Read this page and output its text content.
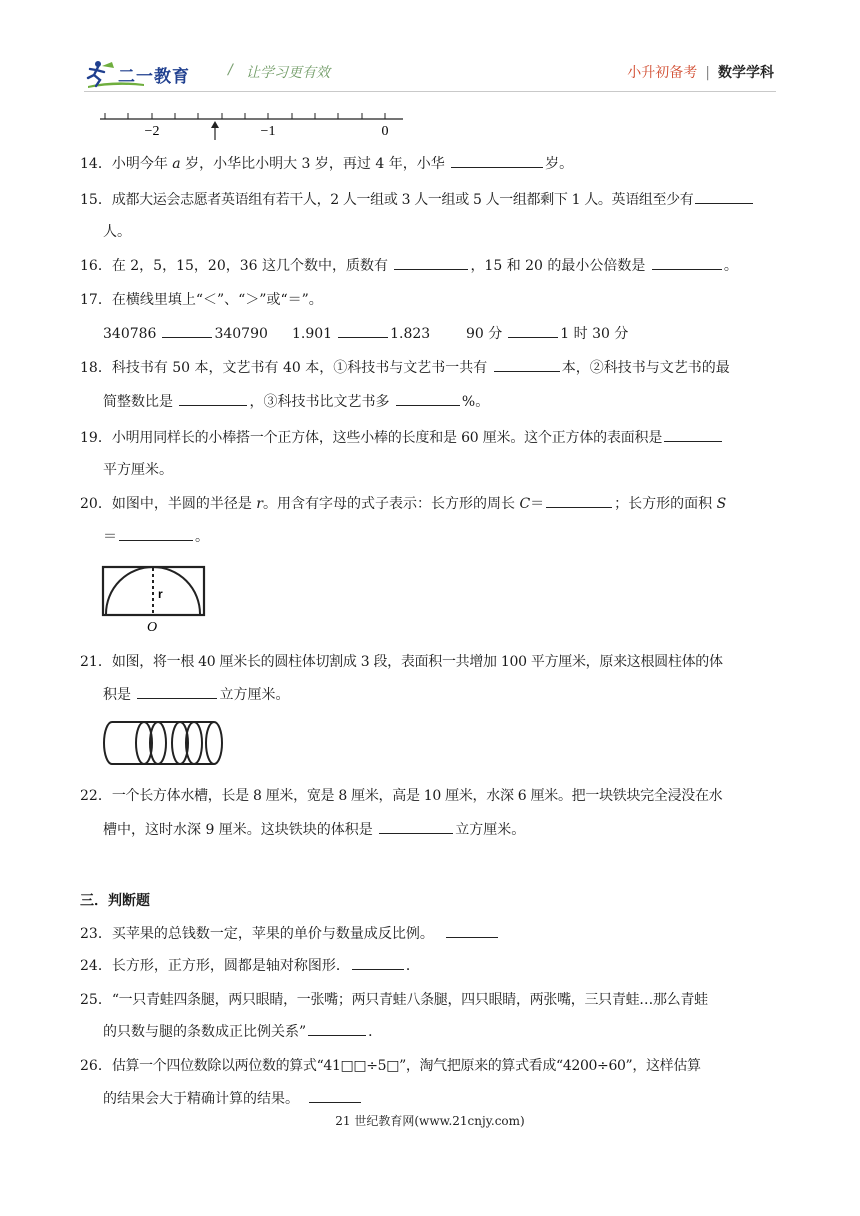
二一教育	/ 让学习更有效	小升初备考 | 数学学科
−2	−1	0
14．小明今年 a 岁，小华比小明大 3 岁，再过 4 年，小华	岁。
15．成都大运会志愿者英语组有若干人，2 人一组或 3 人一组或 5 人一组都剩下 1 人。英语组至少有
人。
16．在 2，5，15，20，36 这几个数中，质数有	，15 和 20 的最小公倍数是	。
17．在横线里填上“＜”、“＞”或“＝”。
340786	340790 1.901	1.823	90 分	1 时 30 分
18．科技书有 50 本，文艺书有 40 本，①科技书与文艺书一共有	本，②科技书与文艺书的最
简整数比是	，③科技书比文艺书多	%。
19．小明用同样长的小棒搭一个正方体，这些小棒的长度和是 60 厘米。这个正方体的表面积是
平方厘米。
20．如图中，半圆的半径是 r。用含有字母的式子表示：长方形的周长 C＝	；长方形的面积 S
＝	。
r
O
21．如图，将一根 40 厘米长的圆柱体切割成 3 段，表面积一共增加 100 平方厘米，原来这根圆柱体的体
积是	立方厘米。
22．一个长方体水槽，长是 8 厘米，宽是 8 厘米，高是 10 厘米，水深 6 厘米。把一块铁块完全浸没在水
槽中，这时水深 9 厘米。这块铁块的体积是	立方厘米。
三．判断题
23．买苹果的总钱数一定，苹果的单价与数量成反比例。
24．长方形，正方形，圆都是轴对称图形．	．
25．“一只青蛙四条腿，两只眼睛，一张嘴；两只青蛙八条腿，四只眼睛，两张嘴，三只青蛙…那么青蛙
的只数与腿的条数成正比例关系”	．
26．估算一个四位数除以两位数的算式“41□□÷5□”，淘气把原来的算式看成“4200÷60”，这样估算
的结果会大于精确计算的结果。
21 世纪教育网(www.21cnjy.com)
